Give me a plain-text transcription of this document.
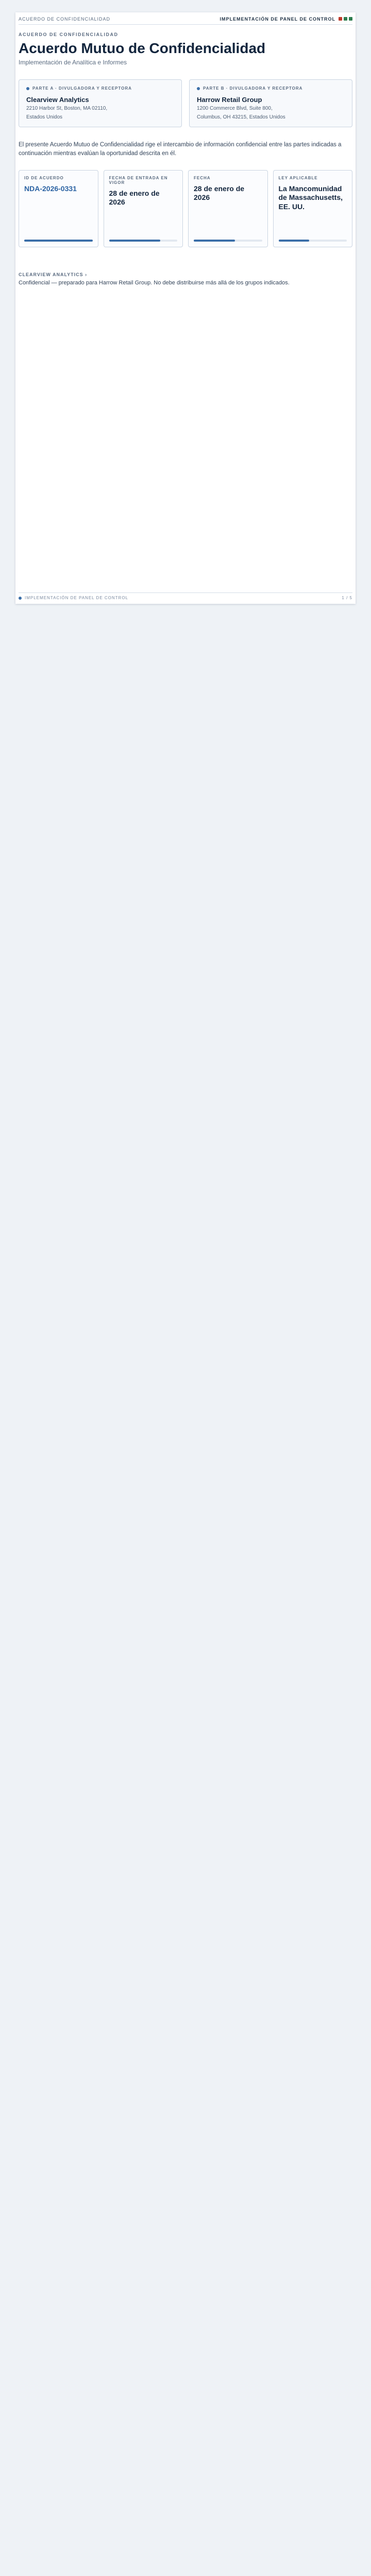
ACUERDO DE CONFIDENCIALIDAD	IMPLEMENTACIÓN DE PANEL DE CONTROL
ACUERDO DE CONFIDENCIALIDAD
Acuerdo Mutuo de Confidencialidad
Implementación de Analítica e Informes
PARTE A · DIVULGADORA Y RECEPTORA
Clearview Analytics
2210 Harbor St, Boston, MA 02110,
Estados Unidos
PARTE B · DIVULGADORA Y RECEPTORA
Harrow Retail Group
1200 Commerce Blvd, Suite 800,
Columbus, OH 43215, Estados Unidos

El presente Acuerdo Mutuo de Confidencialidad rige el intercambio de información confidencial entre las partes indicadas a continuación mientras evalúan la oportunidad descrita en él.

ID DE ACUERDO
NDA-2026-0331
FECHA DE ENTRADA EN VIGOR
28 de enero de 2026
FECHA
28 de enero de 2026
LEY APLICABLE
La Mancomunidad de Massachusetts, EE. UU.
CLEARVIEW ANALYTICS ›
Confidencial — preparado para Harrow Retail Group. No debe distribuirse más allá de los grupos indicados.
IMPLEMENTACIÓN DE PANEL DE CONTROL	1 / 5
